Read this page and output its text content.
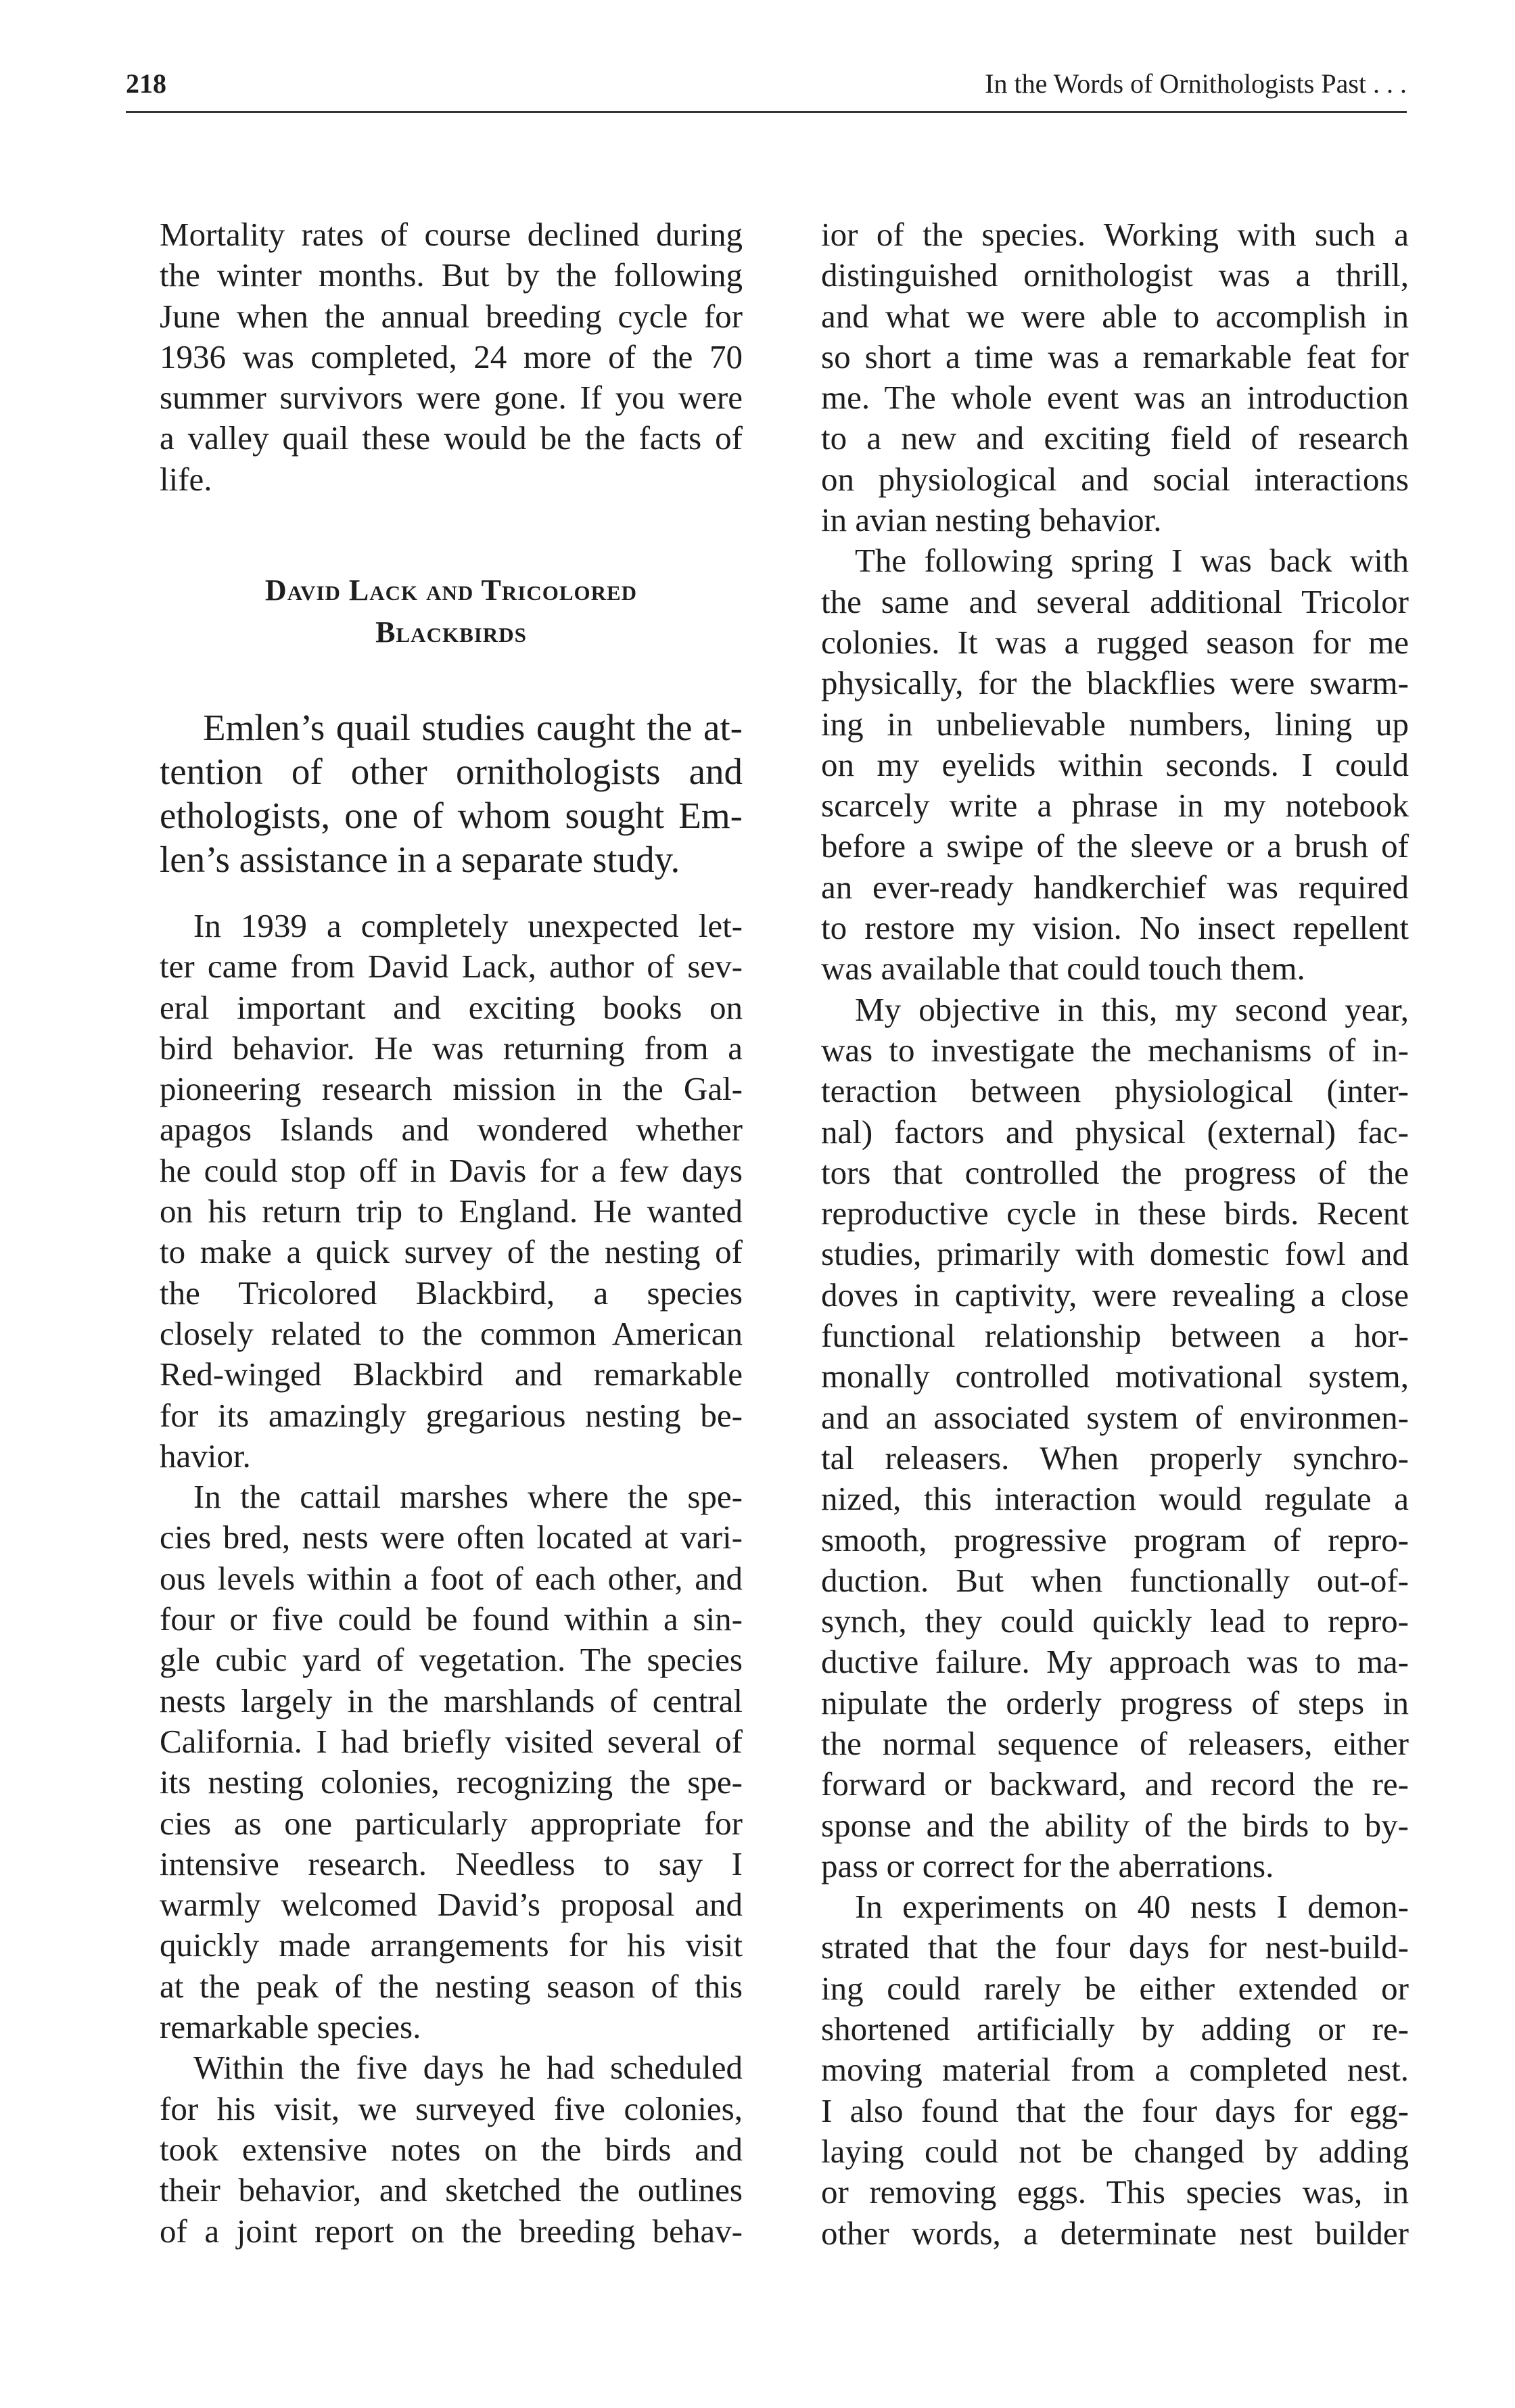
218	In the Words of Ornithologists Past . . .
Mortality rates of course declined during
the winter months. But by the following
June when the annual breeding cycle for
1936 was completed, 24 more of the 70
summer survivors were gone. If you were
a valley quail these would be the facts of
life.
David Lack and Tricolored
Blackbirds
Emlen’s quail studies caught the at-
tention of other ornithologists and
ethologists, one of whom sought Em-
len’s assistance in a separate study.
In 1939 a completely unexpected let-
ter came from David Lack, author of sev-
eral important and exciting books on
bird behavior. He was returning from a
pioneering research mission in the Gal-
apagos Islands and wondered whether
he could stop off in Davis for a few days
on his return trip to England. He wanted
to make a quick survey of the nesting of
the Tricolored Blackbird, a species
closely related to the common American
Red-winged Blackbird and remarkable
for its amazingly gregarious nesting be-
havior.
In the cattail marshes where the spe-
cies bred, nests were often located at vari-
ous levels within a foot of each other, and
four or five could be found within a sin-
gle cubic yard of vegetation. The species
nests largely in the marshlands of central
California. I had briefly visited several of
its nesting colonies, recognizing the spe-
cies as one particularly appropriate for
intensive research. Needless to say I
warmly welcomed David’s proposal and
quickly made arrangements for his visit
at the peak of the nesting season of this
remarkable species.
Within the five days he had scheduled
for his visit, we surveyed five colonies,
took extensive notes on the birds and
their behavior, and sketched the outlines
of a joint report on the breeding behav-
ior of the species. Working with such a
distinguished ornithologist was a thrill,
and what we were able to accomplish in
so short a time was a remarkable feat for
me. The whole event was an introduction
to a new and exciting field of research
on physiological and social interactions
in avian nesting behavior.
The following spring I was back with
the same and several additional Tricolor
colonies. It was a rugged season for me
physically, for the blackflies were swarm-
ing in unbelievable numbers, lining up
on my eyelids within seconds. I could
scarcely write a phrase in my notebook
before a swipe of the sleeve or a brush of
an ever-ready handkerchief was required
to restore my vision. No insect repellent
was available that could touch them.
My objective in this, my second year,
was to investigate the mechanisms of in-
teraction between physiological (inter-
nal) factors and physical (external) fac-
tors that controlled the progress of the
reproductive cycle in these birds. Recent
studies, primarily with domestic fowl and
doves in captivity, were revealing a close
functional relationship between a hor-
monally controlled motivational system,
and an associated system of environmen-
tal releasers. When properly synchro-
nized, this interaction would regulate a
smooth, progressive program of repro-
duction. But when functionally out-of-
synch, they could quickly lead to repro-
ductive failure. My approach was to ma-
nipulate the orderly progress of steps in
the normal sequence of releasers, either
forward or backward, and record the re-
sponse and the ability of the birds to by-
pass or correct for the aberrations.
In experiments on 40 nests I demon-
strated that the four days for nest-build-
ing could rarely be either extended or
shortened artificially by adding or re-
moving material from a completed nest.
I also found that the four days for egg-
laying could not be changed by adding
or removing eggs. This species was, in
other words, a determinate nest builder
